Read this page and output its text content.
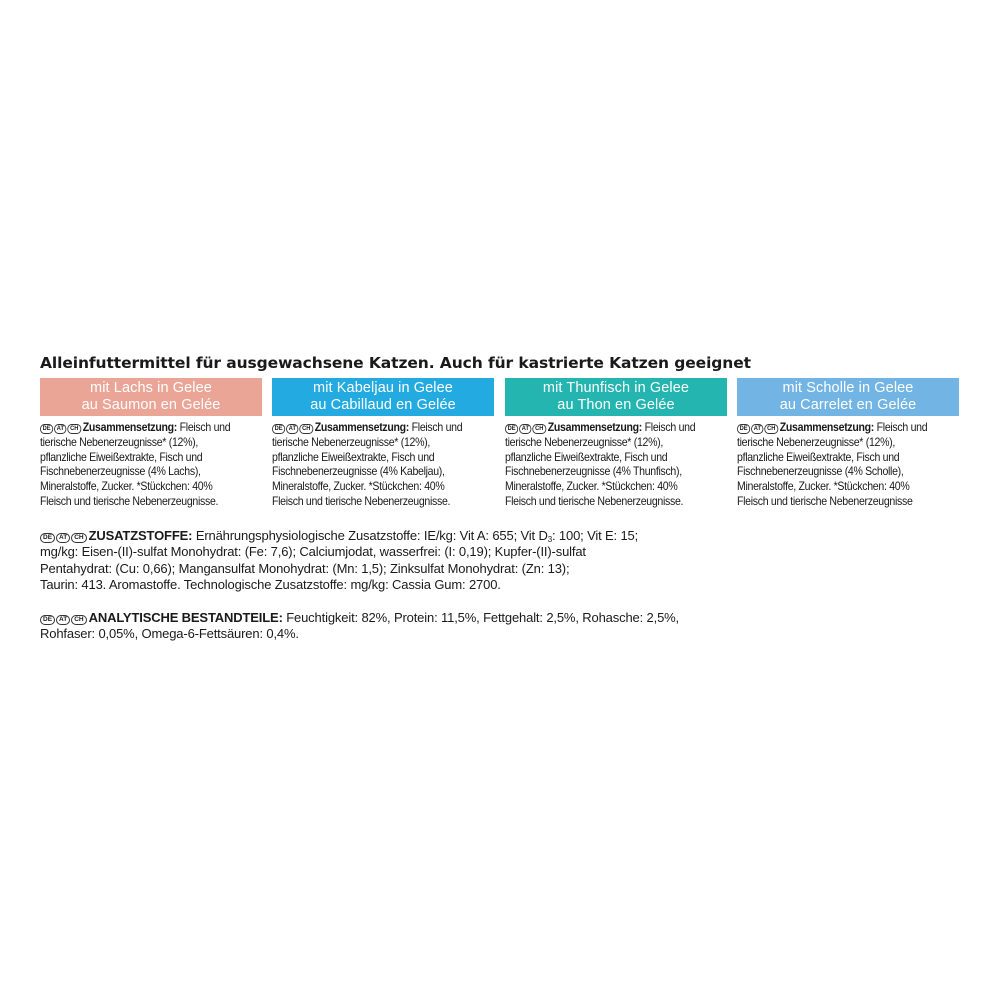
Alleinfuttermittel für ausgewachsene Katzen. Auch für kastrierte Katzen geeignet
mit Lachs in Gelee
au Saumon en Gelée
DE AT CH Zusammensetzung: Fleisch und
tierische Nebenerzeugnisse* (12%),
pflanzliche Eiweißextrakte, Fisch und
Fischnebenerzeugnisse (4% Lachs),
Mineralstoffe, Zucker. *Stückchen: 40%
Fleisch und tierische Nebenerzeugnisse.
mit Kabeljau in Gelee
au Cabillaud en Gelée
DE AT CH Zusammensetzung: Fleisch und
tierische Nebenerzeugnisse* (12%),
pflanzliche Eiweißextrakte, Fisch und
Fischnebenerzeugnisse (4% Kabeljau),
Mineralstoffe, Zucker. *Stückchen: 40%
Fleisch und tierische Nebenerzeugnisse.
mit Thunfisch in Gelee
au Thon en Gelée
DE AT CH Zusammensetzung: Fleisch und
tierische Nebenerzeugnisse* (12%),
pflanzliche Eiweißextrakte, Fisch und
Fischnebenerzeugnisse (4% Thunfisch),
Mineralstoffe, Zucker. *Stückchen: 40%
Fleisch und tierische Nebenerzeugnisse.
mit Scholle in Gelee
au Carrelet en Gelée
DE AT CH Zusammensetzung: Fleisch und
tierische Nebenerzeugnisse* (12%),
pflanzliche Eiweißextrakte, Fisch und
Fischnebenerzeugnisse (4% Scholle),
Mineralstoffe, Zucker. *Stückchen: 40%
Fleisch und tierische Nebenerzeugnisse
DE	AT	CH ZUSATZSTOFFE: Ernährungsphysiologische Zusatzstoffe: IE/kg: Vit A: 655; Vit $D_3$: 100; Vit E: 15;
mg/kg: Eisen-(II)-sulfat Monohydrat: (Fe: 7,6); Calciumjodat, wasserfrei: (I: 0,19); Kupfer-(II)-sulfat
Pentahydrat: (Cu: 0,66); Mangansulfat Monohydrat: (Mn: 1,5); Zinksulfat Monohydrat: (Zn: 13);
Taurin: 413. Aromastoffe. Technologische Zusatzstoffe: mg/kg: Cassia Gum: 2700.
DE	AT	CH ANALYTISCHE BESTANDTEILE: Feuchtigkeit: 82%, Protein: 11,5%, Fettgehalt: 2,5%, Rohasche: 2,5%,
Rohfaser: 0,05%, Omega-6-Fettsäuren: 0,4%.
